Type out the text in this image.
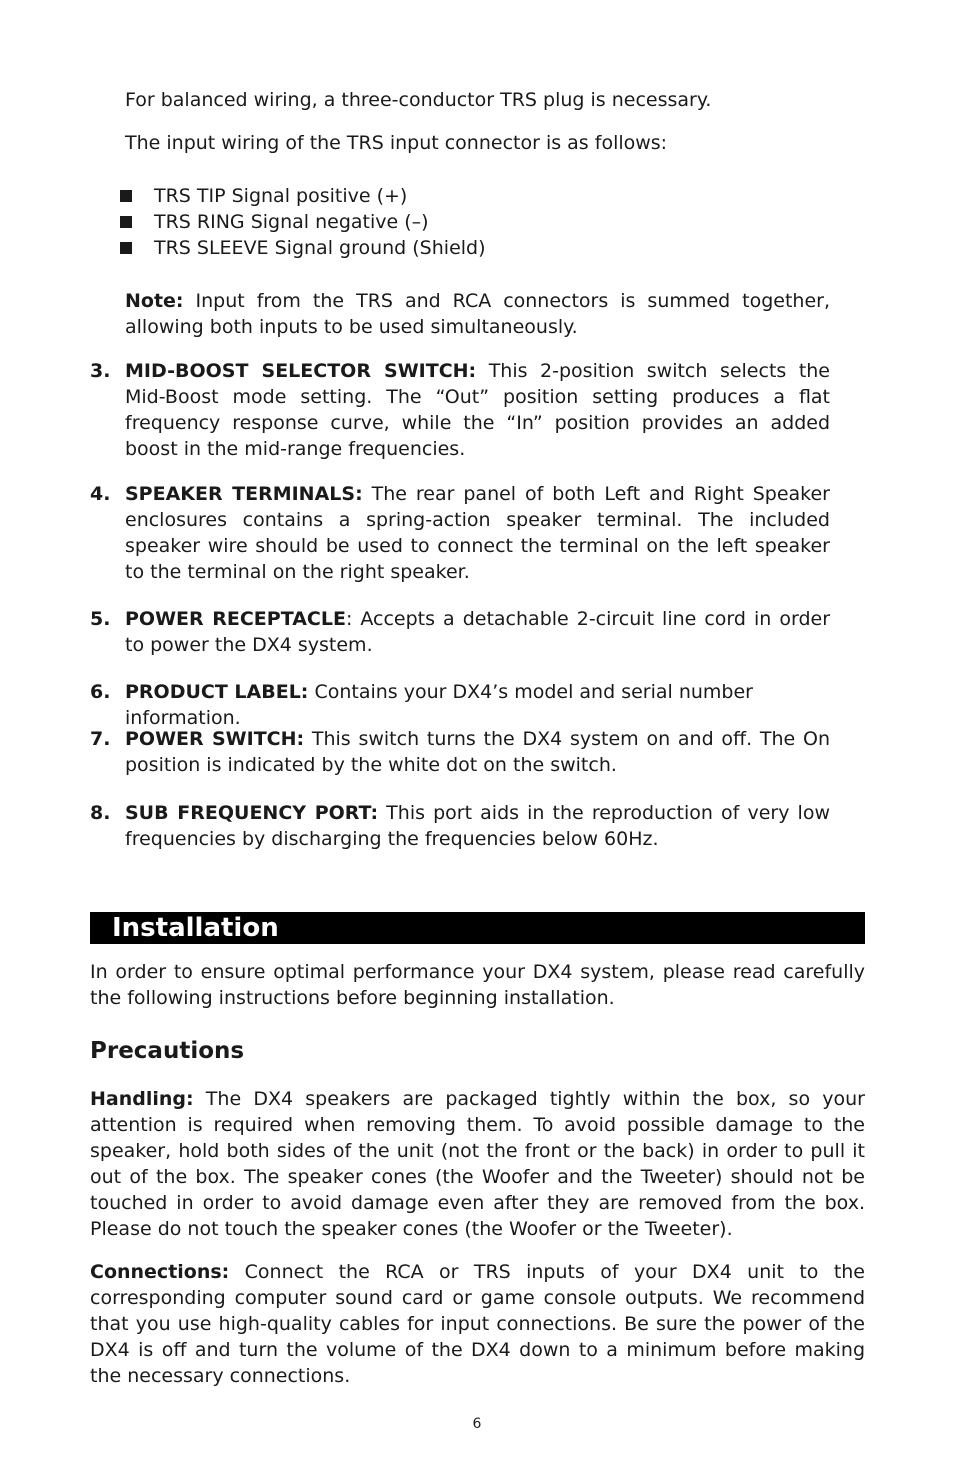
For balanced wiring, a three-conductor TRS plug is necessary.

The input wiring of the TRS input connector is as follows:

TRS TIP Signal positive (+)
TRS RING Signal negative (–)
TRS SLEEVE Signal ground (Shield)

Note: Input from the TRS and RCA connectors is summed together, allowing both inputs to be used simultaneously.

3. MID-BOOST SELECTOR SWITCH: This 2-position switch selects the Mid-Boost mode setting. The “Out” position setting produces a flat frequency response curve, while the “In” position provides an added boost in the mid-range frequencies.
4. SPEAKER TERMINALS: The rear panel of both Left and Right Speaker enclosures contains a spring-action speaker terminal. The included speaker wire should be used to connect the terminal on the left speaker to the terminal on the right speaker.
5. POWER RECEPTACLE: Accepts a detachable 2-circuit line cord in order to power the DX4 system.
6. PRODUCT LABEL: Contains your DX4’s model and serial number information.
7. POWER SWITCH: This switch turns the DX4 system on and off. The On position is indicated by the white dot on the switch.
8. SUB FREQUENCY PORT: This port aids in the reproduction of very low frequencies by discharging the frequencies below 60Hz.
Installation

In order to ensure optimal performance your DX4 system, please read carefully the following instructions before beginning installation.

Precautions

Handling: The DX4 speakers are packaged tightly within the box, so your attention is required when removing them. To avoid possible damage to the speaker, hold both sides of the unit (not the front or the back) in order to pull it out of the box. The speaker cones (the Woofer and the Tweeter) should not be touched in order to avoid damage even after they are removed from the box. Please do not touch the speaker cones (the Woofer or the Tweeter).

Connections: Connect the RCA or TRS inputs of your DX4 unit to the corresponding computer sound card or game console outputs. We recommend that you use high-quality cables for input connections. Be sure the power of the DX4 is off and turn the volume of the DX4 down to a minimum before making the necessary connections.

6
